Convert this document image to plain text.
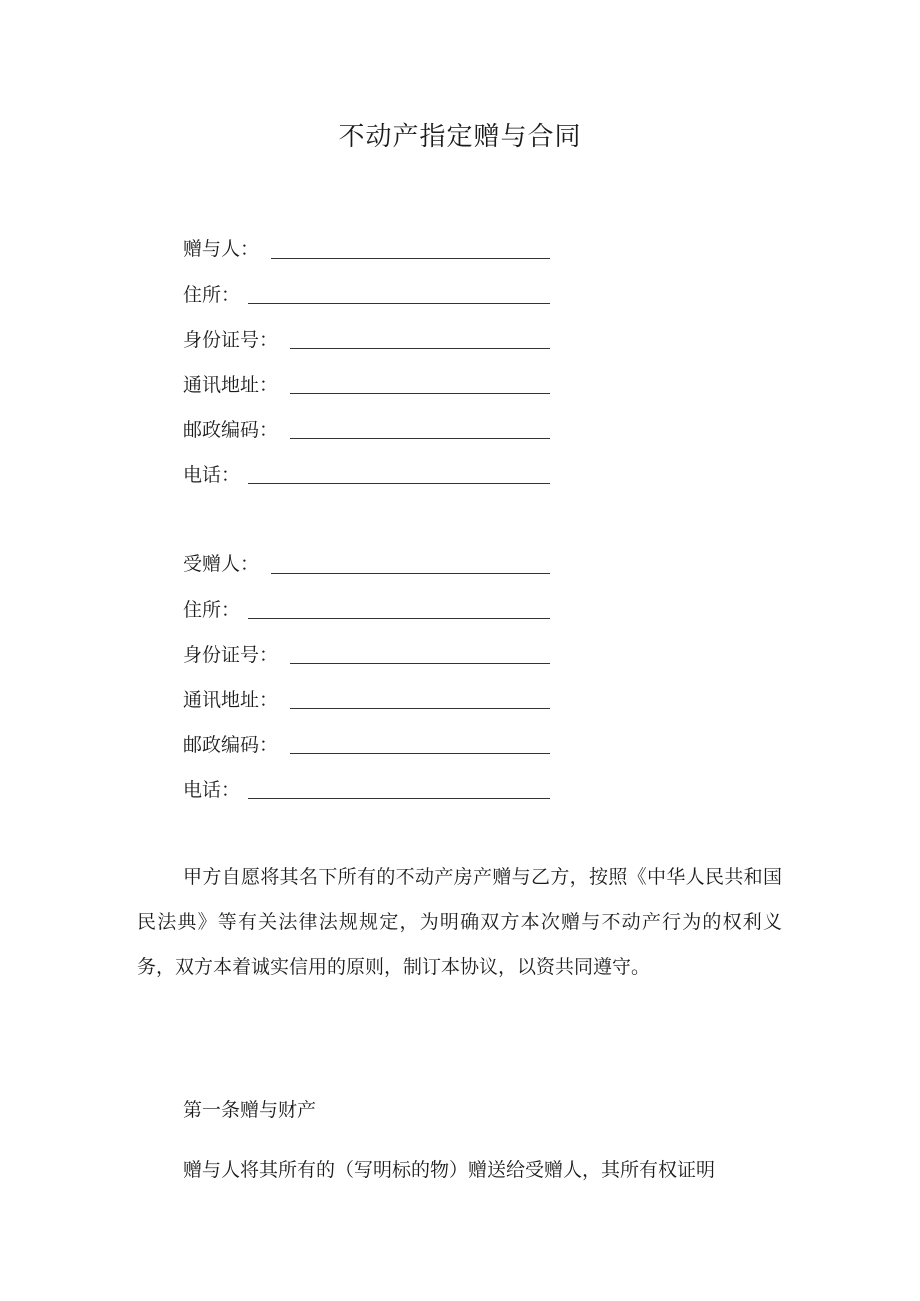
不动产指定赠与合同
赠与人：
住所：
身份证号：
通讯地址：
邮政编码：
电话：
受赠人：
住所：
身份证号：
通讯地址：
邮政编码：
电话：

甲方自愿将其名下所有的不动产房产赠与乙方，按照《中华人民共和国民法典》等有关法律法规规定，为明确双方本次赠与不动产行为的权利义务，双方本着诚实信用的原则，制订本协议，以资共同遵守。

第一条赠与财产

赠与人将其所有的（写明标的物）赠送给受赠人，其所有权证明
